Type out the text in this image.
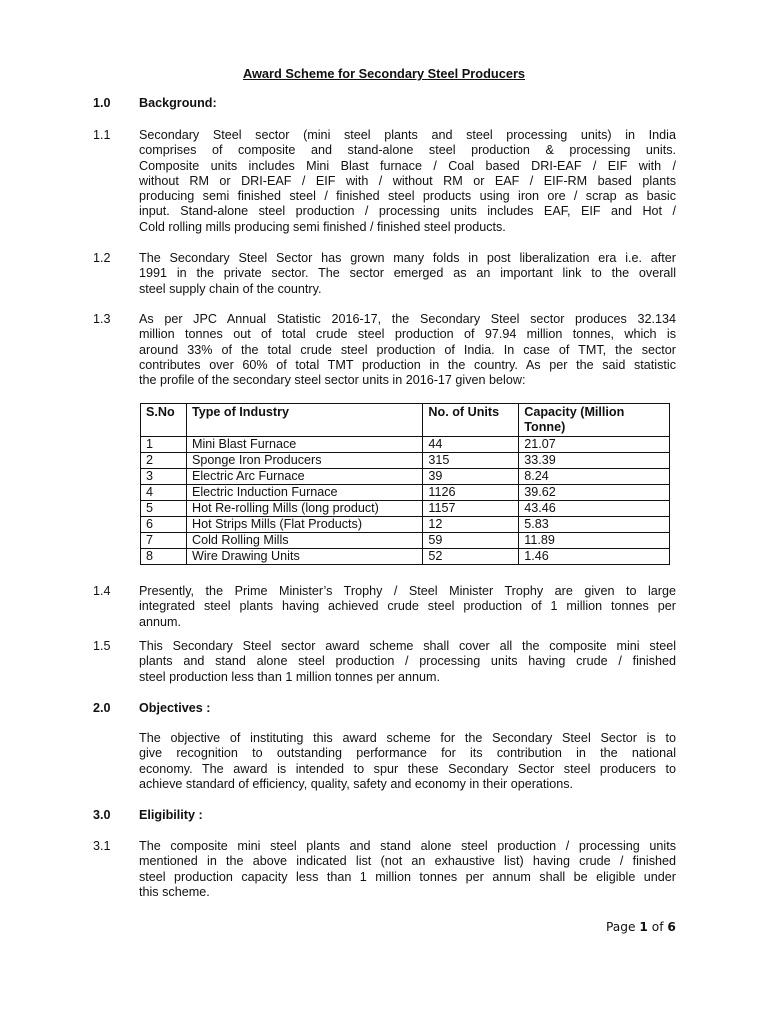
Award Scheme for Secondary Steel Producers
1.0	Background:
1.1	Secondary Steel sector (mini steel plants and steel processing units) in India
comprises of composite and stand-alone steel production & processing units.
Composite units includes Mini Blast furnace / Coal based DRI-EAF / EIF with /
without RM or DRI-EAF / EIF with / without RM or EAF / EIF-RM based plants
producing semi finished steel / finished steel products using iron ore / scrap as basic
input. Stand-alone steel production / processing units includes EAF, EIF and Hot /
Cold rolling mills producing semi finished / finished steel products.
1.2	The Secondary Steel Sector has grown many folds in post liberalization era i.e. after
1991 in the private sector. The sector emerged as an important link to the overall
steel supply chain of the country.
1.3	As per JPC Annual Statistic 2016-17, the Secondary Steel sector produces 32.134
million tonnes out of total crude steel production of 97.94 million tonnes, which is
around 33% of the total crude steel production of India. In case of TMT, the sector
contributes over 60% of total TMT production in the country. As per the said statistic
the profile of the secondary steel sector units in 2016-17 given below:
S.No	Type of Industry	No. of Units	Capacity (Million Tonne)
1	Mini Blast Furnace	44	21.07
2	Sponge Iron Producers	315	33.39
3	Electric Arc Furnace	39	8.24
4	Electric Induction Furnace	1126	39.62
5	Hot Re-rolling Mills (long product)	1157	43.46
6	Hot Strips Mills (Flat Products)	12	5.83
7	Cold Rolling Mills	59	11.89
8	Wire Drawing Units	52	1.46
1.4	Presently, the Prime Minister’s Trophy / Steel Minister Trophy are given to large
integrated steel plants having achieved crude steel production of 1 million tonnes per
annum.
1.5	This Secondary Steel sector award scheme shall cover all the composite mini steel
plants and stand alone steel production / processing units having crude / finished
steel production less than 1 million tonnes per annum.
2.0	Objectives :
The objective of instituting this award scheme for the Secondary Steel Sector is to
give recognition to outstanding performance for its contribution in the national
economy. The award is intended to spur these Secondary Sector steel producers to
achieve standard of efficiency, quality, safety and economy in their operations.
3.0	Eligibility :
3.1	The composite mini steel plants and stand alone steel production / processing units
mentioned in the above indicated list (not an exhaustive list) having crude / finished
steel production capacity less than 1 million tonnes per annum shall be eligible under
this scheme.
Page 1 of 6
